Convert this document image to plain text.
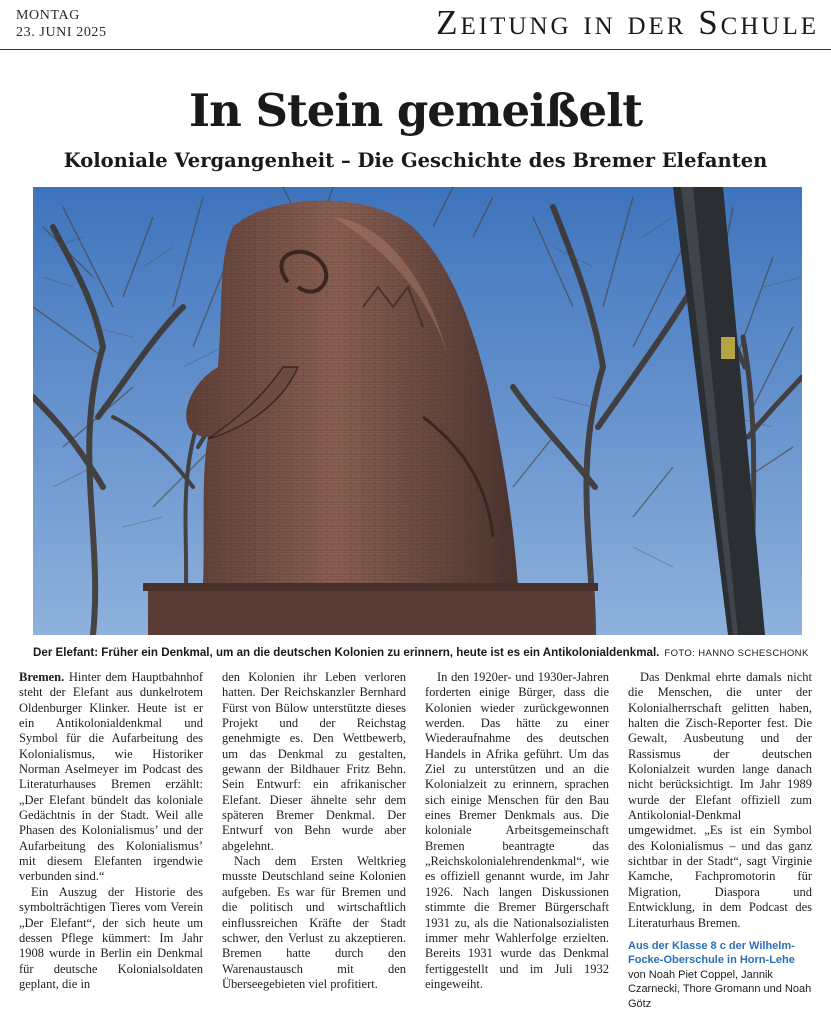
MONTAG
23. JUNI 2025	Zeitung in der Schule
In Stein gemeißelt
Koloniale Vergangenheit – Die Geschichte des Bremer Elefanten
Der Elefant: Früher ein Denkmal, um an die deutschen Kolonien zu erinnern, heute ist es ein Antikolonialdenkmal. FOTO: HANNO SCHESCHONK

Bremen. Hinter dem Hauptbahnhof steht der Elefant aus dunkelrotem Oldenburger Klinker. Heute ist er ein Antikolonialdenkmal und Symbol für die Aufarbeitung des Kolonialismus, wie Historiker Norman Aselmeyer im Podcast des Literaturhauses Bremen erzählt: „Der Elefant bündelt das koloniale Gedächtnis in der Stadt. Weil alle Phasen des Kolonialismus’ und der Aufarbeitung des Kolonialismus’ mit diesem Elefanten irgendwie verbunden sind.“

Ein Auszug der Historie des symbolträchtigen Tieres vom Verein „Der Elefant“, der sich heute um dessen Pflege kümmert: Im Jahr 1908 wurde in Berlin ein Denkmal für deutsche Kolonialsoldaten geplant, die in

den Kolonien ihr Leben verloren hatten. Der Reichskanzler Bernhard Fürst von Bülow unterstützte dieses Projekt und der Reichstag genehmigte es. Den Wettbewerb, um das Denkmal zu gestalten, gewann der Bildhauer Fritz Behn. Sein Entwurf: ein afrikanischer Elefant. Dieser ähnelte sehr dem späteren Bremer Denkmal. Der Entwurf von Behn wurde aber abgelehnt.

Nach dem Ersten Weltkrieg musste Deutschland seine Kolonien aufgeben. Es war für Bremen und die politisch und wirtschaftlich einflussreichen Kräfte der Stadt schwer, den Verlust zu akzeptieren. Bremen hatte durch den Warenaustausch mit den Überseegebieten viel profitiert.

In den 1920er- und 1930er-Jahren forderten einige Bürger, dass die Kolonien wieder zurückgewonnen werden. Das hätte zu einer Wiederaufnahme des deutschen Handels in Afrika geführt. Um das Ziel zu unterstützen und an die Kolonialzeit zu erinnern, sprachen sich einige Menschen für den Bau eines Bremer Denkmals aus. Die koloniale Arbeitsgemeinschaft Bremen beantragte das „Reichskolonialehrendenkmal“, wie es offiziell genannt wurde, im Jahr 1926. Nach langen Diskussionen stimmte die Bremer Bürgerschaft 1931 zu, als die Nationalsozialisten immer mehr Wahlerfolge erzielten. Bereits 1931 wurde das Denkmal fertiggestellt und im Juli 1932 eingeweiht.

Das Denkmal ehrte damals nicht die Menschen, die unter der Kolonialherrschaft gelitten haben, halten die Zisch-Reporter fest. Die Gewalt, Ausbeutung und der Rassismus der deutschen Kolonialzeit wurden lange danach nicht berücksichtigt. Im Jahr 1989 wurde der Elefant offiziell zum Antikolonial-Denkmal umgewidmet. „Es ist ein Symbol des Kolonialismus – und das ganz sichtbar in der Stadt“, sagt Virginie Kamche, Fachpromotorin für Migration, Diaspora und Entwicklung, in dem Podcast des Literaturhaus Bremen.

Aus der Klasse 8 c der Wilhelm-Focke-Oberschule in Horn-Lehe von Noah Piet Coppel, Jannik Czarnecki, Thore Gromann und Noah Götz
